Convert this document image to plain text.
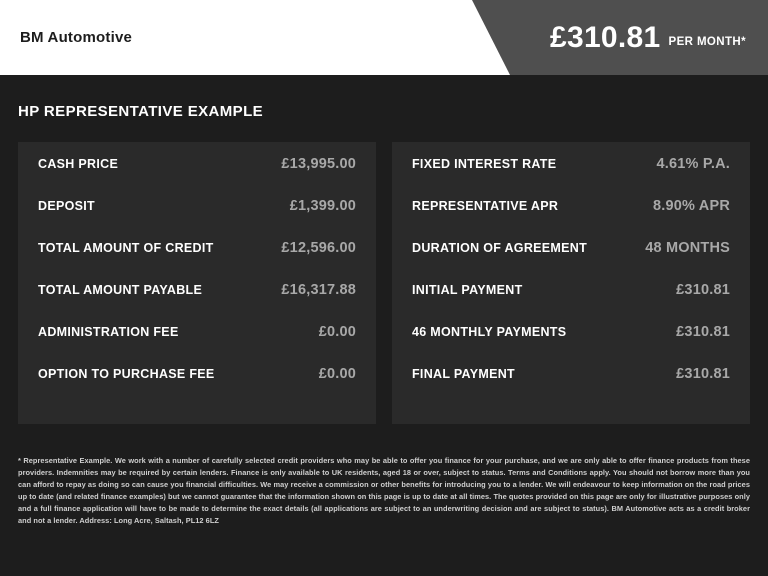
BM Automotive	£310.81 PER MONTH*
HP REPRESENTATIVE EXAMPLE
CASH PRICE	£13,995.00
DEPOSIT	£1,399.00
TOTAL AMOUNT OF CREDIT	£12,596.00
TOTAL AMOUNT PAYABLE	£16,317.88
ADMINISTRATION FEE	£0.00
OPTION TO PURCHASE FEE	£0.00
FIXED INTEREST RATE	4.61% P.A.
REPRESENTATIVE APR	8.90% APR
DURATION OF AGREEMENT	48 MONTHS
INITIAL PAYMENT	£310.81
46 MONTHLY PAYMENTS	£310.81
FINAL PAYMENT	£310.81
* Representative Example. We work with a number of carefully selected credit providers who may be able to offer you finance for your purchase, and we are only able to offer finance products from these providers. Indemnities may be required by certain lenders. Finance is only available to UK residents, aged 18 or over, subject to status. Terms and Conditions apply. You should not borrow more than you can afford to repay as doing so can cause you financial difficulties. We may receive a commission or other benefits for introducing you to a lender. We will endeavour to keep information on the road prices up to date (and related finance examples) but we cannot guarantee that the information shown on this page is up to date at all times. The quotes provided on this page are only for illustrative purposes only and a full finance application will have to be made to determine the exact details (all applications are subject to an underwriting decision and are subject to status). BM Automotive acts as a credit broker and not a lender. Address: Long Acre, Saltash, PL12 6LZ
